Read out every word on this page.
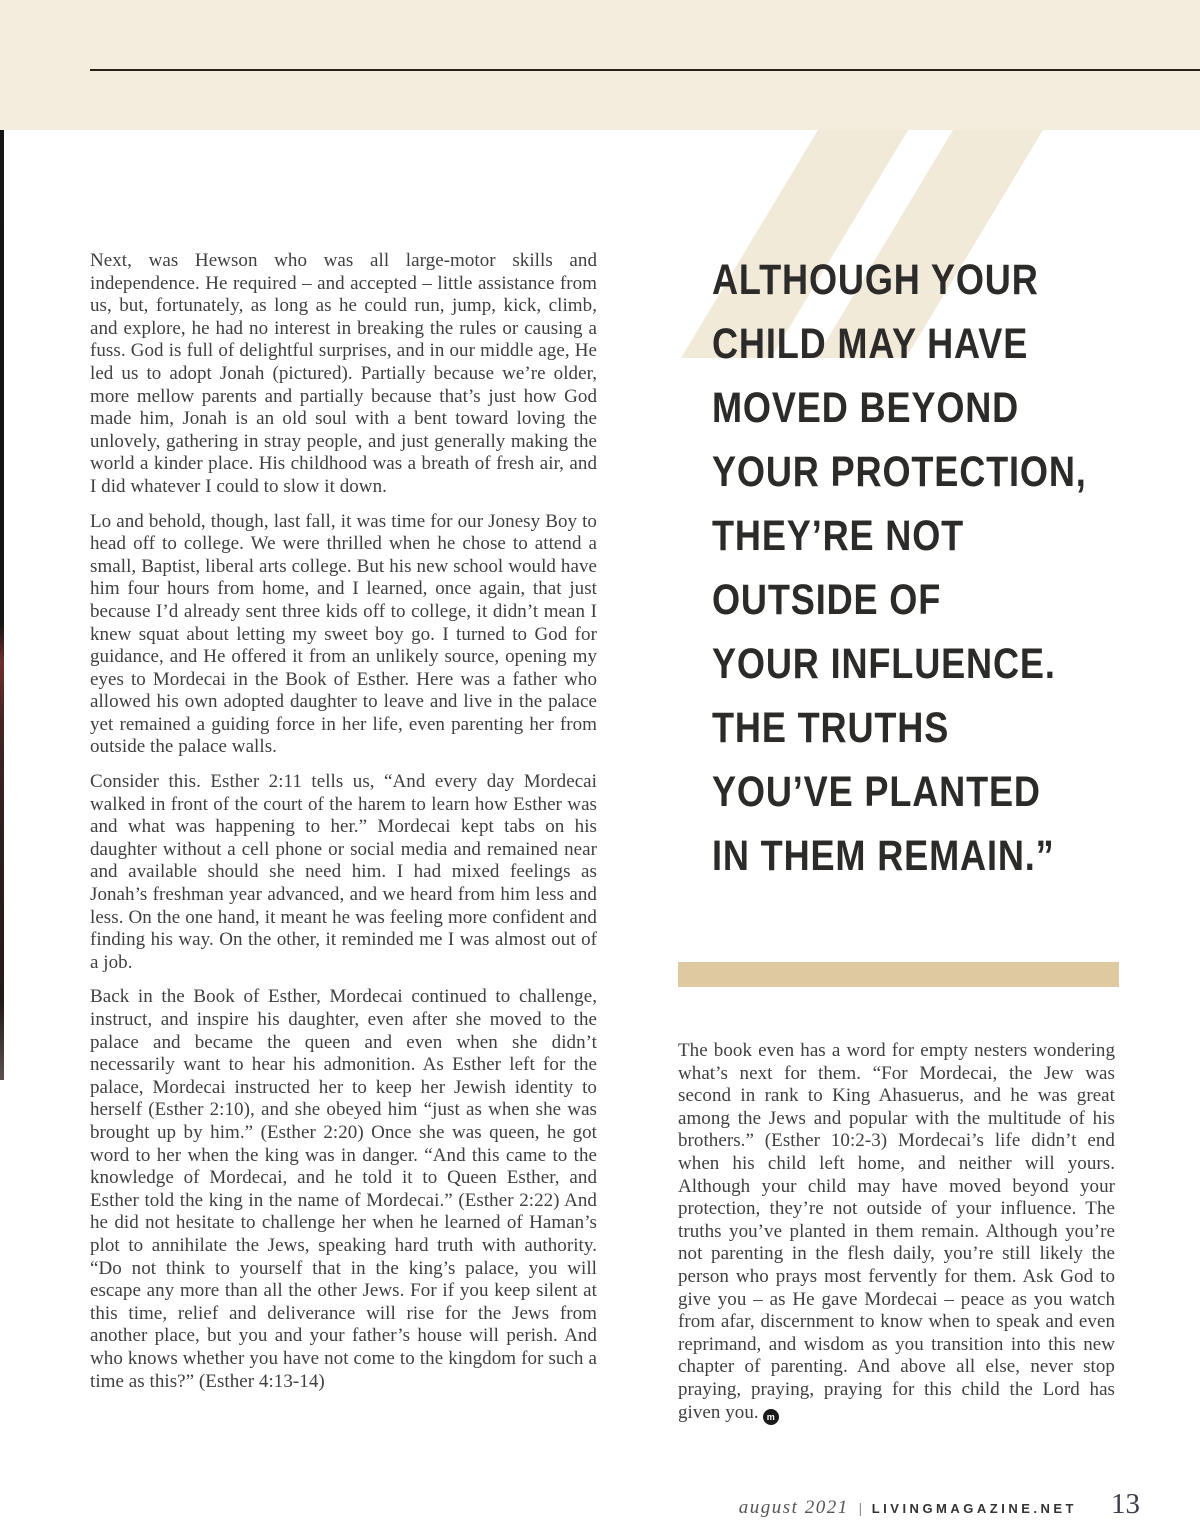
Next, was Hewson who was all large-motor skills and independence. He required – and accepted – little assistance from us, but, fortunately, as long as he could run, jump, kick, climb, and explore, he had no interest in breaking the rules or causing a fuss. God is full of delightful surprises, and in our middle age, He led us to adopt Jonah (pictured). Partially because we’re older, more mellow parents and partially because that’s just how God made him, Jonah is an old soul with a bent toward loving the unlovely, gathering in stray people, and just generally making the world a kinder place. His childhood was a breath of fresh air, and I did whatever I could to slow it down.

Lo and behold, though, last fall, it was time for our Jonesy Boy to head off to college. We were thrilled when he chose to attend a small, Baptist, liberal arts college. But his new school would have him four hours from home, and I learned, once again, that just because I’d already sent three kids off to college, it didn’t mean I knew squat about letting my sweet boy go. I turned to God for guidance, and He offered it from an unlikely source, opening my eyes to Mordecai in the Book of Esther. Here was a father who allowed his own adopted daughter to leave and live in the palace yet remained a guiding force in her life, even parenting her from outside the palace walls.

Consider this. Esther 2:11 tells us, “And every day Mordecai walked in front of the court of the harem to learn how Esther was and what was happening to her.” Mordecai kept tabs on his daughter without a cell phone or social media and remained near and available should she need him. I had mixed feelings as Jonah’s freshman year advanced, and we heard from him less and less. On the one hand, it meant he was feeling more confident and finding his way. On the other, it reminded me I was almost out of a job.

Back in the Book of Esther, Mordecai continued to challenge, instruct, and inspire his daughter, even after she moved to the palace and became the queen and even when she didn’t necessarily want to hear his admonition. As Esther left for the palace, Mordecai instructed her to keep her Jewish identity to herself (Esther 2:10), and she obeyed him “just as when she was brought up by him.” (Esther 2:20) Once she was queen, he got word to her when the king was in danger. “And this came to the knowledge of Mordecai, and he told it to Queen Esther, and Esther told the king in the name of Mordecai.” (Esther 2:22) And he did not hesitate to challenge her when he learned of Haman’s plot to annihilate the Jews, speaking hard truth with authority. “Do not think to yourself that in the king’s palace, you will escape any more than all the other Jews. For if you keep silent at this time, relief and deliverance will rise for the Jews from another place, but you and your father’s house will perish. And who knows whether you have not come to the kingdom for such a time as this?” (Esther 4:13-14)

ALTHOUGH YOUR
CHILD MAY HAVE
MOVED BEYOND
YOUR PROTECTION,
THEY’RE NOT
OUTSIDE OF
YOUR INFLUENCE.
THE TRUTHS
YOU’VE PLANTED
IN THEM REMAIN.”

The book even has a word for empty nesters wondering what’s next for them. “For Mordecai, the Jew was second in rank to King Ahasuerus, and he was great among the Jews and popular with the multitude of his brothers.” (Esther 10:2-3) Mordecai’s life didn’t end when his child left home, and neither will yours. Although your child may have moved beyond your protection, they’re not outside of your influence. The truths you’ve planted in them remain. Although you’re not parenting in the flesh daily, you’re still likely the person who prays most fervently for them. Ask God to give you – as He gave Mordecai – peace as you watch from afar, discernment to know when to speak and even reprimand, and wisdom as you transition into this new chapter of parenting. And above all else, never stop praying, praying, praying for this child the Lord has given you. m

august 2021 | LIVINGMAGAZINE.NET 13
